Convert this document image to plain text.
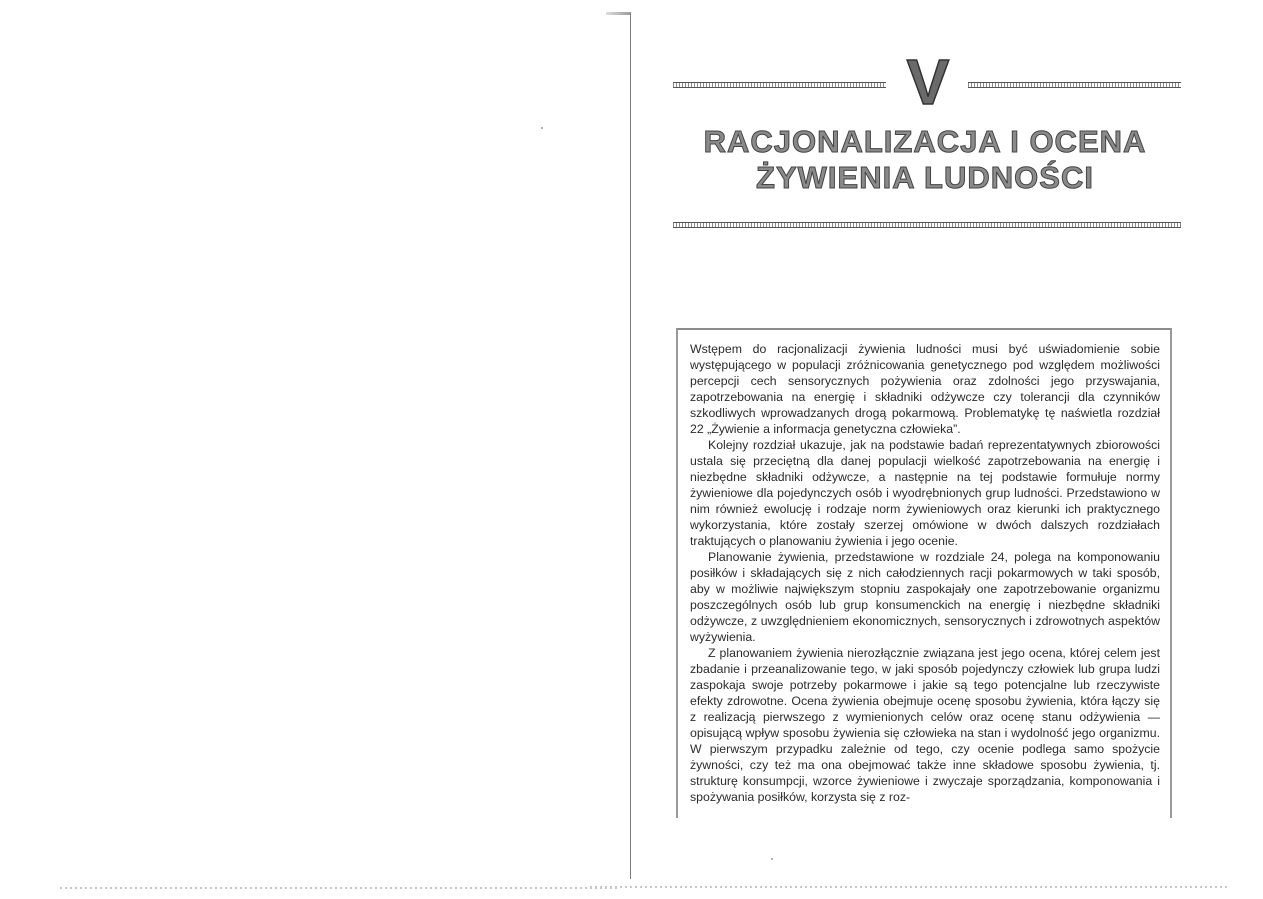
V
RACJONALIZACJA I OCENA
ŻYWIENIA LUDNOŚCI

Wstępem do racjonalizacji żywienia ludności musi być uświadomienie sobie występującego w populacji zróżnicowania genetycznego pod względem możliwości percepcji cech sensorycznych pożywienia oraz zdolności jego przyswajania, zapotrzebowania na energię i składniki odżywcze czy tolerancji dla czynników szkodliwych wprowadzanych drogą pokarmową. Problematykę tę naświetla rozdział 22 „Żywienie a informacja genetyczna człowieka”.

Kolejny rozdział ukazuje, jak na podstawie badań reprezentatywnych zbiorowości ustala się przeciętną dla danej populacji wielkość zapotrzebowania na energię i niezbędne składniki odżywcze, a następnie na tej podstawie formułuje normy żywieniowe dla pojedynczych osób i wyodrębnionych grup ludności. Przedstawiono w nim również ewolucję i rodzaje norm żywieniowych oraz kierunki ich praktycznego wykorzystania, które zostały szerzej omówione w dwóch dalszych rozdziałach traktujących o planowaniu żywienia i jego ocenie.

Planowanie żywienia, przedstawione w rozdziale 24, polega na komponowaniu posiłków i składających się z nich całodziennych racji pokarmowych w taki sposób, aby w możliwie największym stopniu zaspokajały one zapotrzebowanie organizmu poszczególnych osób lub grup konsumenckich na energię i niezbędne składniki odżywcze, z uwzględnieniem ekonomicznych, sensorycznych i zdrowotnych aspektów wyżywienia.

Z planowaniem żywienia nierozłącznie związana jest jego ocena, której celem jest zbadanie i przeanalizowanie tego, w jaki sposób pojedynczy człowiek lub grupa ludzi zaspokaja swoje potrzeby pokarmowe i jakie są tego potencjalne lub rzeczywiste efekty zdrowotne. Ocena żywienia obejmuje ocenę sposobu żywienia, która łączy się z realizacją pierwszego z wymienionych celów oraz ocenę stanu odżywienia — opisującą wpływ sposobu żywienia się człowieka na stan i wydolność jego organizmu. W pierwszym przypadku zależnie od tego, czy ocenie podlega samo spożycie żywności, czy też ma ona obejmować także inne składowe sposobu żywienia, tj. strukturę konsumpcji, wzorce żywieniowe i zwyczaje sporządzania, komponowania i spożywania posiłków, korzysta się z roz-
